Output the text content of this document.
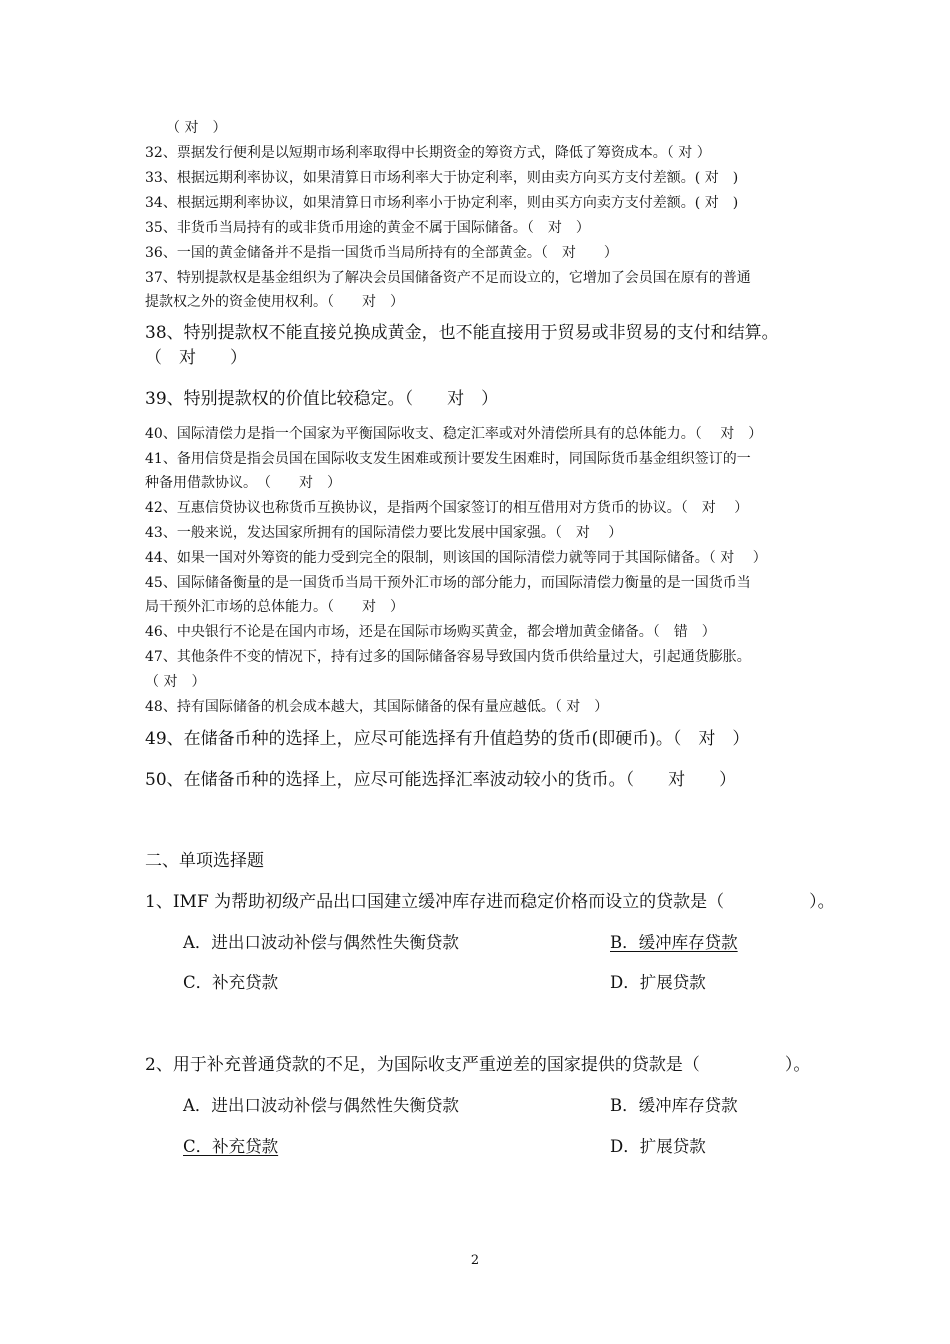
　　（ 对　）
32、票据发行便利是以短期市场利率取得中长期资金的筹资方式，降低了筹资成本。（ 对 ）
33、根据远期利率协议，如果清算日市场利率大于协定利率，则由卖方向买方支付差额。( 对　)
34、根据远期利率协议，如果清算日市场利率小于协定利率，则由买方向卖方支付差额。( 对　)
35、非货币当局持有的或非货币用途的黄金不属于国际储备。（　对　）
36、一国的黄金储备并不是指一国货币当局所持有的全部黄金。（　对　　）
37、特别提款权是基金组织为了解决会员国储备资产不足而设立的，它增加了会员国在原有的普通
提款权之外的资金使用权利。（　　对　）
38、特别提款权不能直接兑换成黄金，也不能直接用于贸易或非贸易的支付和结算。
（　对　　）
39、特别提款权的价值比较稳定。（　　对　）
40、国际清偿力是指一个国家为平衡国际收支、稳定汇率或对外清偿所具有的总体能力。（　 对　）
41、备用信贷是指会员国在国际收支发生困难或预计要发生困难时，同国际货币基金组织签订的一
种备用借款协议。　（　　对　）
42、互惠信贷协议也称货币互换协议，是指两个国家签订的相互借用对方货币的协议。（　对　 ）
43、一般来说，发达国家所拥有的国际清偿力要比发展中国家强。（　对　 ）
44、如果一国对外筹资的能力受到完全的限制，则该国的国际清偿力就等同于其国际储备。（ 对　 ）
45、国际储备衡量的是一国货币当局干预外汇市场的部分能力，而国际清偿力衡量的是一国货币当
局干预外汇市场的总体能力。（　　对　）
46、中央银行不论是在国内市场，还是在国际市场购买黄金，都会增加黄金储备。（　错　）
47、其他条件不变的情况下，持有过多的国际储备容易导致国内货币供给量过大，引起通货膨胀。
（ 对　）
48、持有国际储备的机会成本越大，其国际储备的保有量应越低。（ 对　）
49、在储备币种的选择上，应尽可能选择有升值趋势的货币(即硬币)。（　对　）
50、在储备币种的选择上，应尽可能选择汇率波动较小的货币。（　　对　　）
二、单项选择题
1、IMF 为帮助初级产品出口国建立缓冲库存进而稳定价格而设立的贷款是（　　　　　）。
A．进出口波动补偿与偶然性失衡贷款	B．缓冲库存贷款
C．补充贷款	D．扩展贷款
2、用于补充普通贷款的不足，为国际收支严重逆差的国家提供的贷款是（　　　　　）。
A．进出口波动补偿与偶然性失衡贷款	B．缓冲库存贷款
C．补充贷款	D．扩展贷款
2
